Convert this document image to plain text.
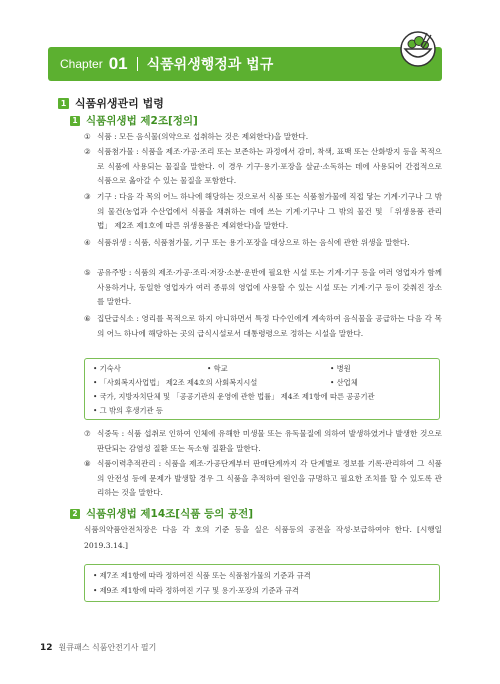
Chapter 01 식품위생행정과 법규
1 식품위생관리 법령
1 식품위생법 제2조[정의]
① 식품 : 모든 음식물(의약으로 섭취하는 것은 제외한다)을 말한다.
② 식품첨가물 : 식품을 제조·가공·조리 또는 보존하는 과정에서 감미, 착색, 표백 또는 산화방지 등을 목적으로 식품에 사용되는 물질을 말한다. 이 경우 기구·용기·포장을 살균·소독하는 데에 사용되어 간접적으로 식품으로 옮아갈 수 있는 물질을 포함한다.
③ 기구 : 다음 각 목의 어느 하나에 해당하는 것으로서 식품 또는 식품첨가물에 직접 닿는 기계·기구나 그 밖의 물건(농업과 수산업에서 식품을 채취하는 데에 쓰는 기계·기구나 그 밖의 물건 및 「위생용품 관리법」 제2조 제1호에 따른 위생용품은 제외한다)을 말한다.
④ 식품위생 : 식품, 식품첨가물, 기구 또는 용기·포장을 대상으로 하는 음식에 관한 위생을 말한다.
⑤ 공유주방 : 식품의 제조·가공·조리·저장·소분·운반에 필요한 시설 또는 기계·기구 등을 여러 영업자가 함께 사용하거나, 동일한 영업자가 여러 종류의 영업에 사용할 수 있는 시설 또는 기계·기구 등이 갖춰진 장소를 말한다.
⑥ 집단급식소 : 영리를 목적으로 하지 아니하면서 특정 다수인에게 계속하여 음식물을 공급하는 다음 각 목의 어느 하나에 해당하는 곳의 급식시설로서 대통령령으로 정하는 시설을 말한다.
• 기숙사	• 학교	• 병원
• 「사회복지사업법」 제2조 제4호의 사회복지시설	• 산업체
• 국가, 지방자치단체 및 「공공기관의 운영에 관한 법률」 제4조 제1항에 따른 공공기관
• 그 밖의 후생기관 등
⑦ 식중독 : 식품 섭취로 인하여 인체에 유해한 미생물 또는 유독물질에 의하여 발생하였거나 발생한 것으로 판단되는 감염성 질환 또는 독소형 질환을 말한다.
⑧ 식품이력추적관리 : 식품을 제조·가공단계부터 판매단계까지 각 단계별로 정보를 기록·관리하여 그 식품의 안전성 등에 문제가 발생할 경우 그 식품을 추적하여 원인을 규명하고 필요한 조치를 할 수 있도록 관리하는 것을 말한다.
2 식품위생법 제14조[식품 등의 공전]
식품의약품안전처장은 다음 각 호의 기준 등을 실은 식품등의 공전을 작성·보급하여야 한다. [시행일 2019.3.14.]
• 제7조 제1항에 따라 정하여진 식품 또는 식품첨가물의 기준과 규격
• 제9조 제1항에 따라 정하여진 기구 및 용기·포장의 기준과 규격
12 원큐패스 식품안전기사 필기
